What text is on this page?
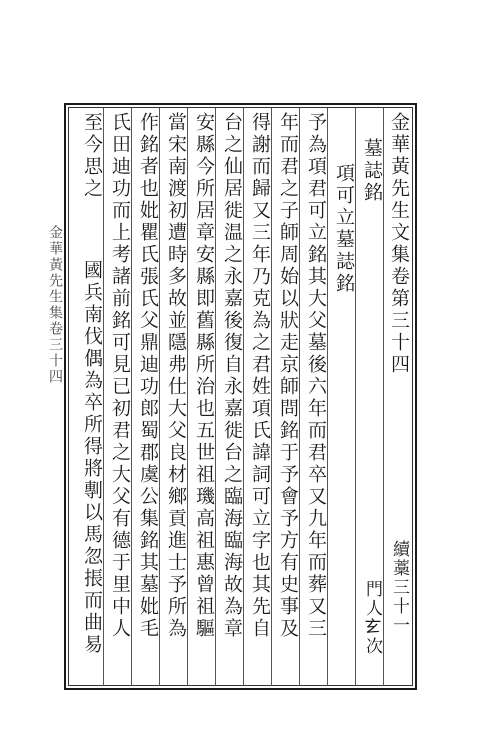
金華黃先生集卷三十四	金華黃先生文集卷第三十四
續藁三十一
墓誌銘
門人𤣥次
項可立墓誌銘
予為項君可立銘其大父墓後六年而君卒又九年而葬又三
年而君之子師周始以狀走京師問銘于予會予方有史事及
得謝而歸又三年乃克為之君姓項氏諱詞可立字也其先自
台之仙居徙温之永嘉後復自永嘉徙台之臨海臨海故為章
安縣今所居章安縣即舊縣所治也五世祖璣高祖惠曾祖驅
當宋南渡初遭時多故並隱弗仕大父良材鄉貢進士予所為
作銘者也妣瞿氏張氏父鼎迪功郎蜀郡虞公集銘其墓妣毛
氏田迪功而上考諸前銘可見已初君之大父有德于里中人
至今思之
國兵南伐偶為卒所得將剸以馬忽掁而曲易
